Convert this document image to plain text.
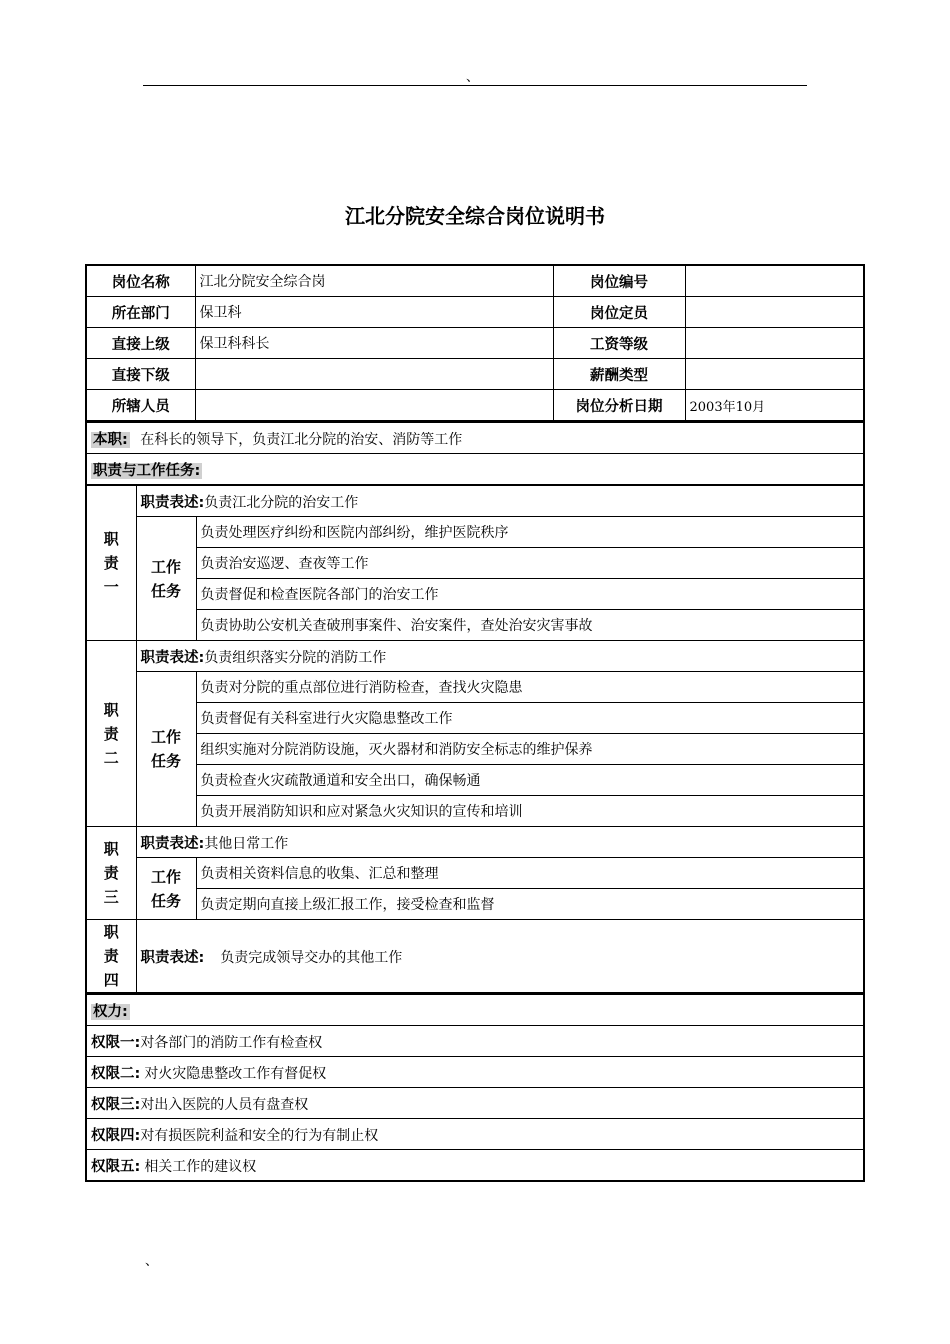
、
江北分院安全综合岗位说明书
岗位名称	江北分院安全综合岗	岗位编号	
所在部门	保卫科	岗位定员	
直接上级	保卫科科长	工资等级	
直接下级		薪酬类型	
所辖人员		岗位分析日期	2003年10月
本职: 在科长的领导下，负责江北分院的治安、消防等工作
职责与工作任务:
职
责
一	职责表述:负责江北分院的治安工作	
	工作
任务	负责处理医疗纠纷和医院内部纠纷，维护医院秩序
		负责治安巡逻、查夜等工作
		负责督促和检查医院各部门的治安工作
		负责协助公安机关查破刑事案件、治安案件，查处治安灾害事故
职
责
二	职责表述:负责组织落实分院的消防工作	
	工作
任务	负责对分院的重点部位进行消防检查，查找火灾隐患
		负责督促有关科室进行火灾隐患整改工作
		组织实施对分院消防设施，灭火器材和消防安全标志的维护保养
		负责检查火灾疏散通道和安全出口，确保畅通
		负责开展消防知识和应对紧急火灾知识的宣传和培训
职
责
三	职责表述:其他日常工作	
	工作
任务	负责相关资料信息的收集、汇总和整理
		负责定期向直接上级汇报工作，接受检查和监督
职
责
四	职责表述: 负责完成领导交办的其他工作	
权力:
权限一:对各部门的消防工作有检查权
权限二: 对火灾隐患整改工作有督促权
权限三:对出入医院的人员有盘查权
权限四:对有损医院利益和安全的行为有制止权
权限五: 相关工作的建议权
、
